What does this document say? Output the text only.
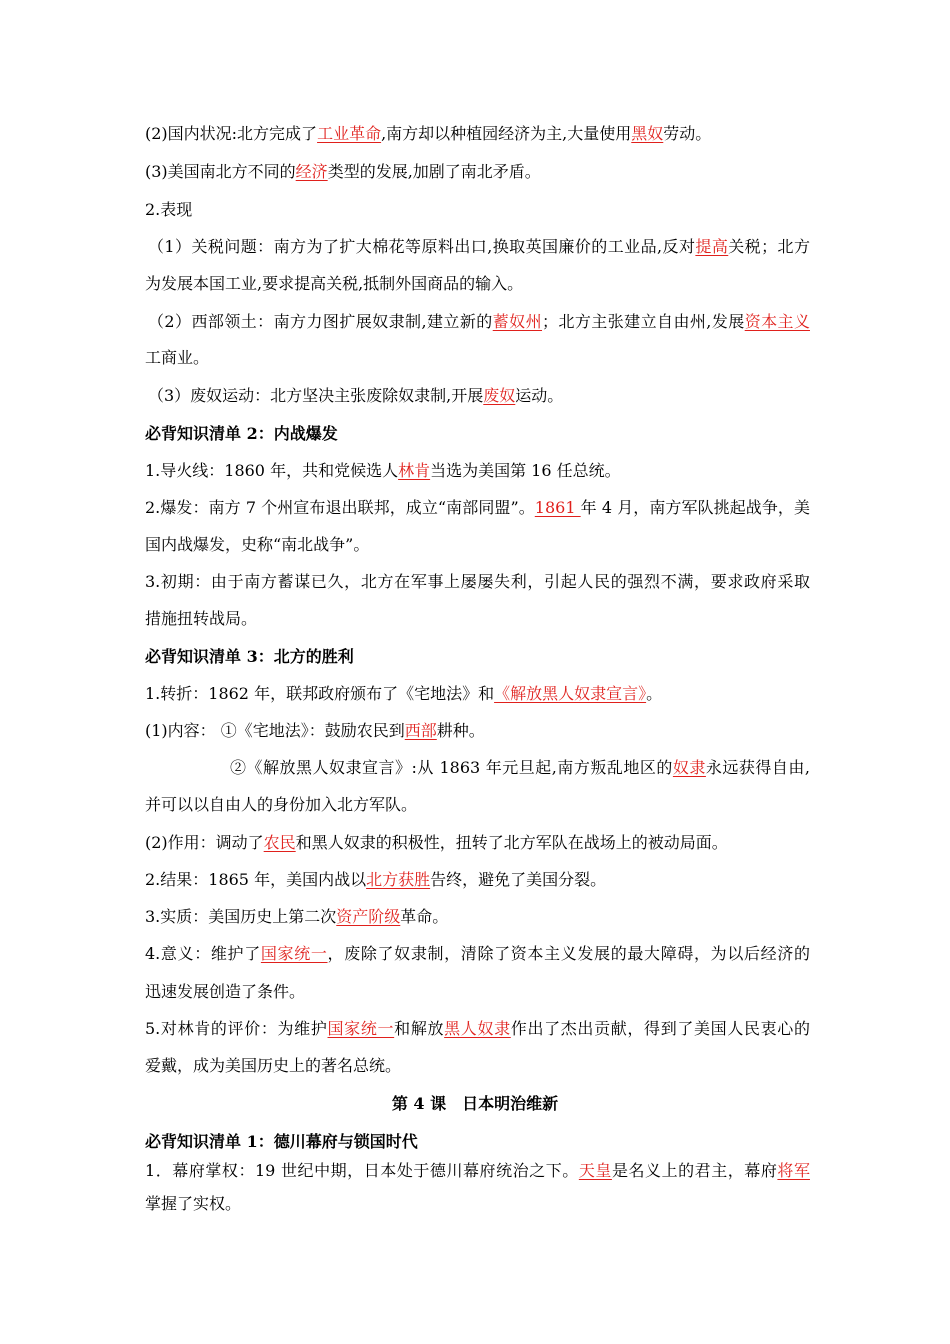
(2)国内状况:北方完成了工业革命,南方却以种植园经济为主,大量使用黑奴劳动。
(3)美国南北方不同的经济类型的发展,加剧了南北矛盾。
2.表现
（1）关税问题：南方为了扩大棉花等原料出口,换取英国廉价的工业品,反对提高关税；北方
为发展本国工业,要求提高关税,抵制外国商品的输入。
（2）西部领土：南方力图扩展奴隶制,建立新的蓄奴州；北方主张建立自由州,发展资本主义
工商业。
（3）废奴运动：北方坚决主张废除奴隶制,开展废奴运动。
必背知识清单 2：内战爆发
1.导火线：1860 年，共和党候选人林肯当选为美国第 16 任总统。
2.爆发：南方 7 个州宣布退出联邦，成立“南部同盟”。1861 年 4 月，南方军队挑起战争，美
国内战爆发，史称“南北战争”。
3.初期：由于南方蓄谋已久，北方在军事上屡屡失利，引起人民的强烈不满，要求政府采取
措施扭转战局。
必背知识清单 3：北方的胜利
1.转折：1862 年，联邦政府颁布了《宅地法》和《解放黑人奴隶宣言》。
(1)内容： ①《宅地法》：鼓励农民到西部耕种。
②《解放黑人奴隶宣言》:从 1863 年元旦起,南方叛乱地区的奴隶永远获得自由,
并可以以自由人的身份加入北方军队。
(2)作用：调动了农民和黑人奴隶的积极性，扭转了北方军队在战场上的被动局面。
2.结果：1865 年，美国内战以北方获胜告终，避免了美国分裂。
3.实质：美国历史上第二次资产阶级革命。
4.意义：维护了国家统一，废除了奴隶制，清除了资本主义发展的最大障碍，为以后经济的
迅速发展创造了条件。
5.对林肯的评价：为维护国家统一和解放黑人奴隶作出了杰出贡献，得到了美国人民衷心的
爱戴，成为美国历史上的著名总统。
第 4 课　日本明治维新
必背知识清单 1：德川幕府与锁国时代
1．幕府掌权：19 世纪中期，日本处于德川幕府统治之下。天皇是名义上的君主，幕府将军
掌握了实权。
